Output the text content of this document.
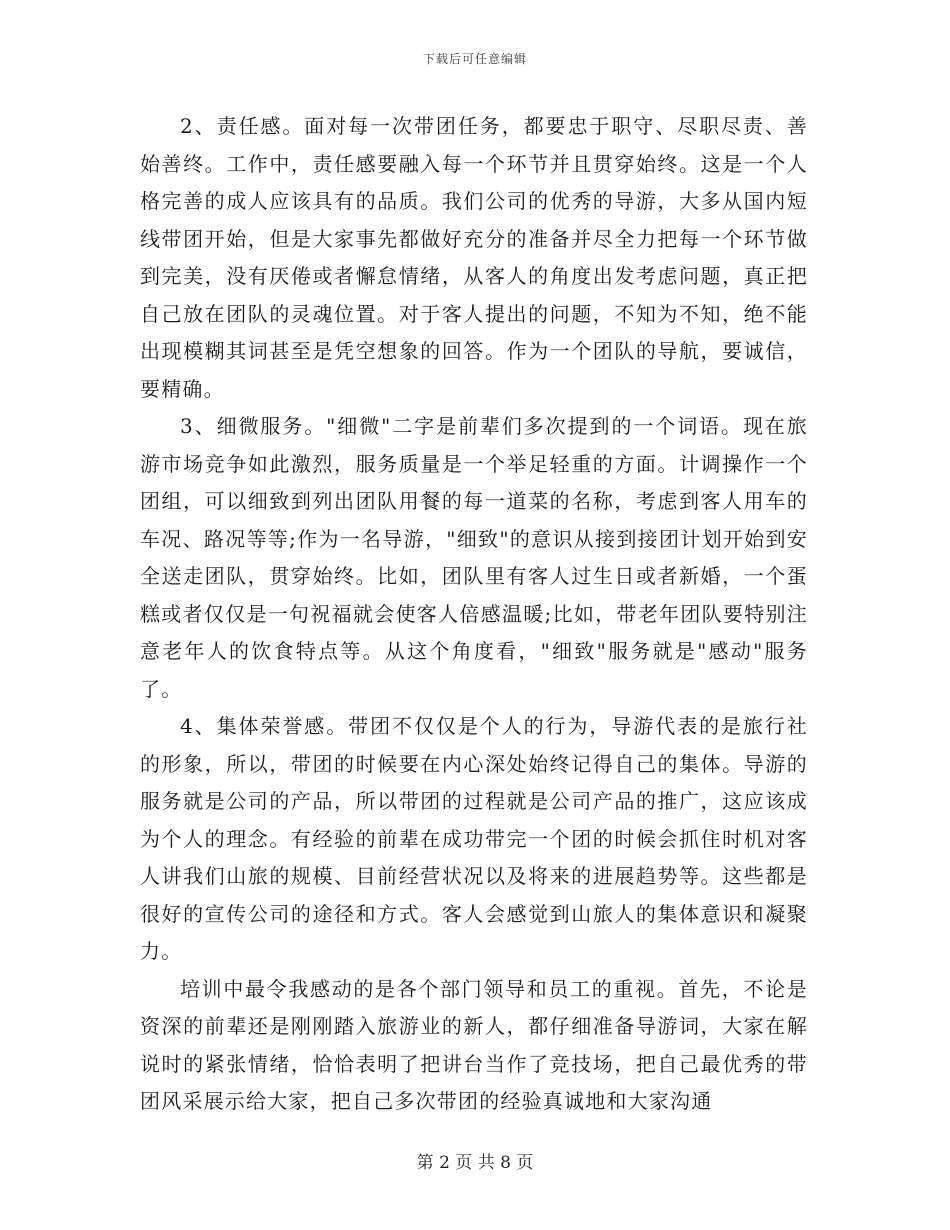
下载后可任意编辑

2、责任感。面对每一次带团任务，都要忠于职守、尽职尽责、善始善终。工作中，责任感要融入每一个环节并且贯穿始终。这是一个人格完善的成人应该具有的品质。我们公司的优秀的导游，大多从国内短线带团开始，但是大家事先都做好充分的准备并尽全力把每一个环节做到完美，没有厌倦或者懈怠情绪，从客人的角度出发考虑问题，真正把自己放在团队的灵魂位置。对于客人提出的问题，不知为不知，绝不能出现模糊其词甚至是凭空想象的回答。作为一个团队的导航，要诚信，要精确。

3、细微服务。"细微"二字是前辈们多次提到的一个词语。现在旅游市场竞争如此激烈，服务质量是一个举足轻重的方面。计调操作一个团组，可以细致到列出团队用餐的每一道菜的名称，考虑到客人用车的车况、路况等等;作为一名导游，"细致"的意识从接到接团计划开始到安全送走团队，贯穿始终。比如，团队里有客人过生日或者新婚，一个蛋糕或者仅仅是一句祝福就会使客人倍感温暖;比如，带老年团队要特别注意老年人的饮食特点等。从这个角度看，"细致"服务就是"感动"服务了。

4、集体荣誉感。带团不仅仅是个人的行为，导游代表的是旅行社的形象，所以，带团的时候要在内心深处始终记得自己的集体。导游的服务就是公司的产品，所以带团的过程就是公司产品的推广，这应该成为个人的理念。有经验的前辈在成功带完一个团的时候会抓住时机对客人讲我们山旅的规模、目前经营状况以及将来的进展趋势等。这些都是很好的宣传公司的途径和方式。客人会感觉到山旅人的集体意识和凝聚力。

培训中最令我感动的是各个部门领导和员工的重视。首先，不论是资深的前辈还是刚刚踏入旅游业的新人，都仔细准备导游词，大家在解说时的紧张情绪，恰恰表明了把讲台当作了竞技场，把自己最优秀的带团风采展示给大家，把自己多次带团的经验真诚地和大家沟通

第 2 页 共 8 页
